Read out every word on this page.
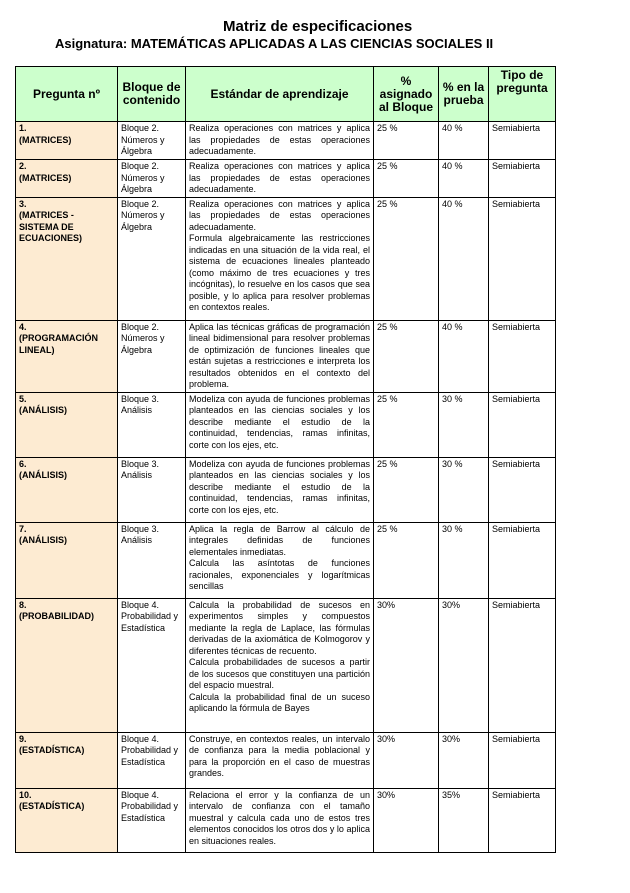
Matriz de especificaciones
Asignatura: MATEMÁTICAS APLICADAS A LAS CIENCIAS SOCIALES II
Pregunta nº	Bloque de contenido	Estándar de aprendizaje	% asignado al Bloque	% en la prueba	Tipo de pregunta

1.
(MATRICES)	Bloque 2. Números y Álgebra	Realiza operaciones con matrices y aplica las propiedades de estas operaciones adecuadamente.	25 %	40 %	Semiabierta

2.
(MATRICES)	Bloque 2. Números y Álgebra	Realiza operaciones con matrices y aplica las propiedades de estas operaciones adecuadamente.	25 %	40 %	Semiabierta

3.
(MATRICES - SISTEMA DE ECUACIONES)	Bloque 2. Números y Álgebra	Realiza operaciones con matrices y aplica las propiedades de estas operaciones adecuadamente.
Formula algebraicamente las restricciones indicadas en una situación de la vida real, el sistema de ecuaciones lineales planteado (como máximo de tres ecuaciones y tres incógnitas), lo resuelve en los casos que sea posible, y lo aplica para resolver problemas en contextos reales.	25 %	40 %	Semiabierta

4.
(PROGRAMACIÓN LINEAL)	Bloque 2. Números y Álgebra	Aplica las técnicas gráficas de programación lineal bidimensional para resolver problemas de optimización de funciones lineales que están sujetas a restricciones e interpreta los resultados obtenidos en el contexto del problema.	25 %	40 %	Semiabierta

5.
(ANÁLISIS)	Bloque 3. Análisis	Modeliza con ayuda de funciones problemas planteados en las ciencias sociales y los describe mediante el estudio de la continuidad, tendencias, ramas infinitas, corte con los ejes, etc.	25 %	30 %	Semiabierta

6.
(ANÁLISIS)	Bloque 3. Análisis	Modeliza con ayuda de funciones problemas planteados en las ciencias sociales y los describe mediante el estudio de la continuidad, tendencias, ramas infinitas, corte con los ejes, etc.	25 %	30 %	Semiabierta

7.
(ANÁLISIS)	Bloque 3. Análisis	Aplica la regla de Barrow al cálculo de integrales definidas de funciones elementales inmediatas.
Calcula las asíntotas de funciones racionales, exponenciales y logarítmicas sencillas	25 %	30 %	Semiabierta

8.
(PROBABILIDAD)	Bloque 4. Probabilidad y Estadística	Calcula la probabilidad de sucesos en experimentos simples y compuestos mediante la regla de Laplace, las fórmulas derivadas de la axiomática de Kolmogorov y diferentes técnicas de recuento.
Calcula probabilidades de sucesos a partir de los sucesos que constituyen una partición del espacio muestral.
Calcula la probabilidad final de un suceso aplicando la fórmula de Bayes	30%	30%	Semiabierta

9.
(ESTADÍSTICA)	Bloque 4. Probabilidad y Estadística	Construye, en contextos reales, un intervalo de confianza para la media poblacional y para la proporción en el caso de muestras grandes.	30%	30%	Semiabierta

10.
(ESTADÍSTICA)	Bloque 4. Probabilidad y Estadística	Relaciona el error y la confianza de un intervalo de confianza con el tamaño muestral y calcula cada uno de estos tres elementos conocidos los otros dos y lo aplica en situaciones reales.	30%	35%	Semiabierta
